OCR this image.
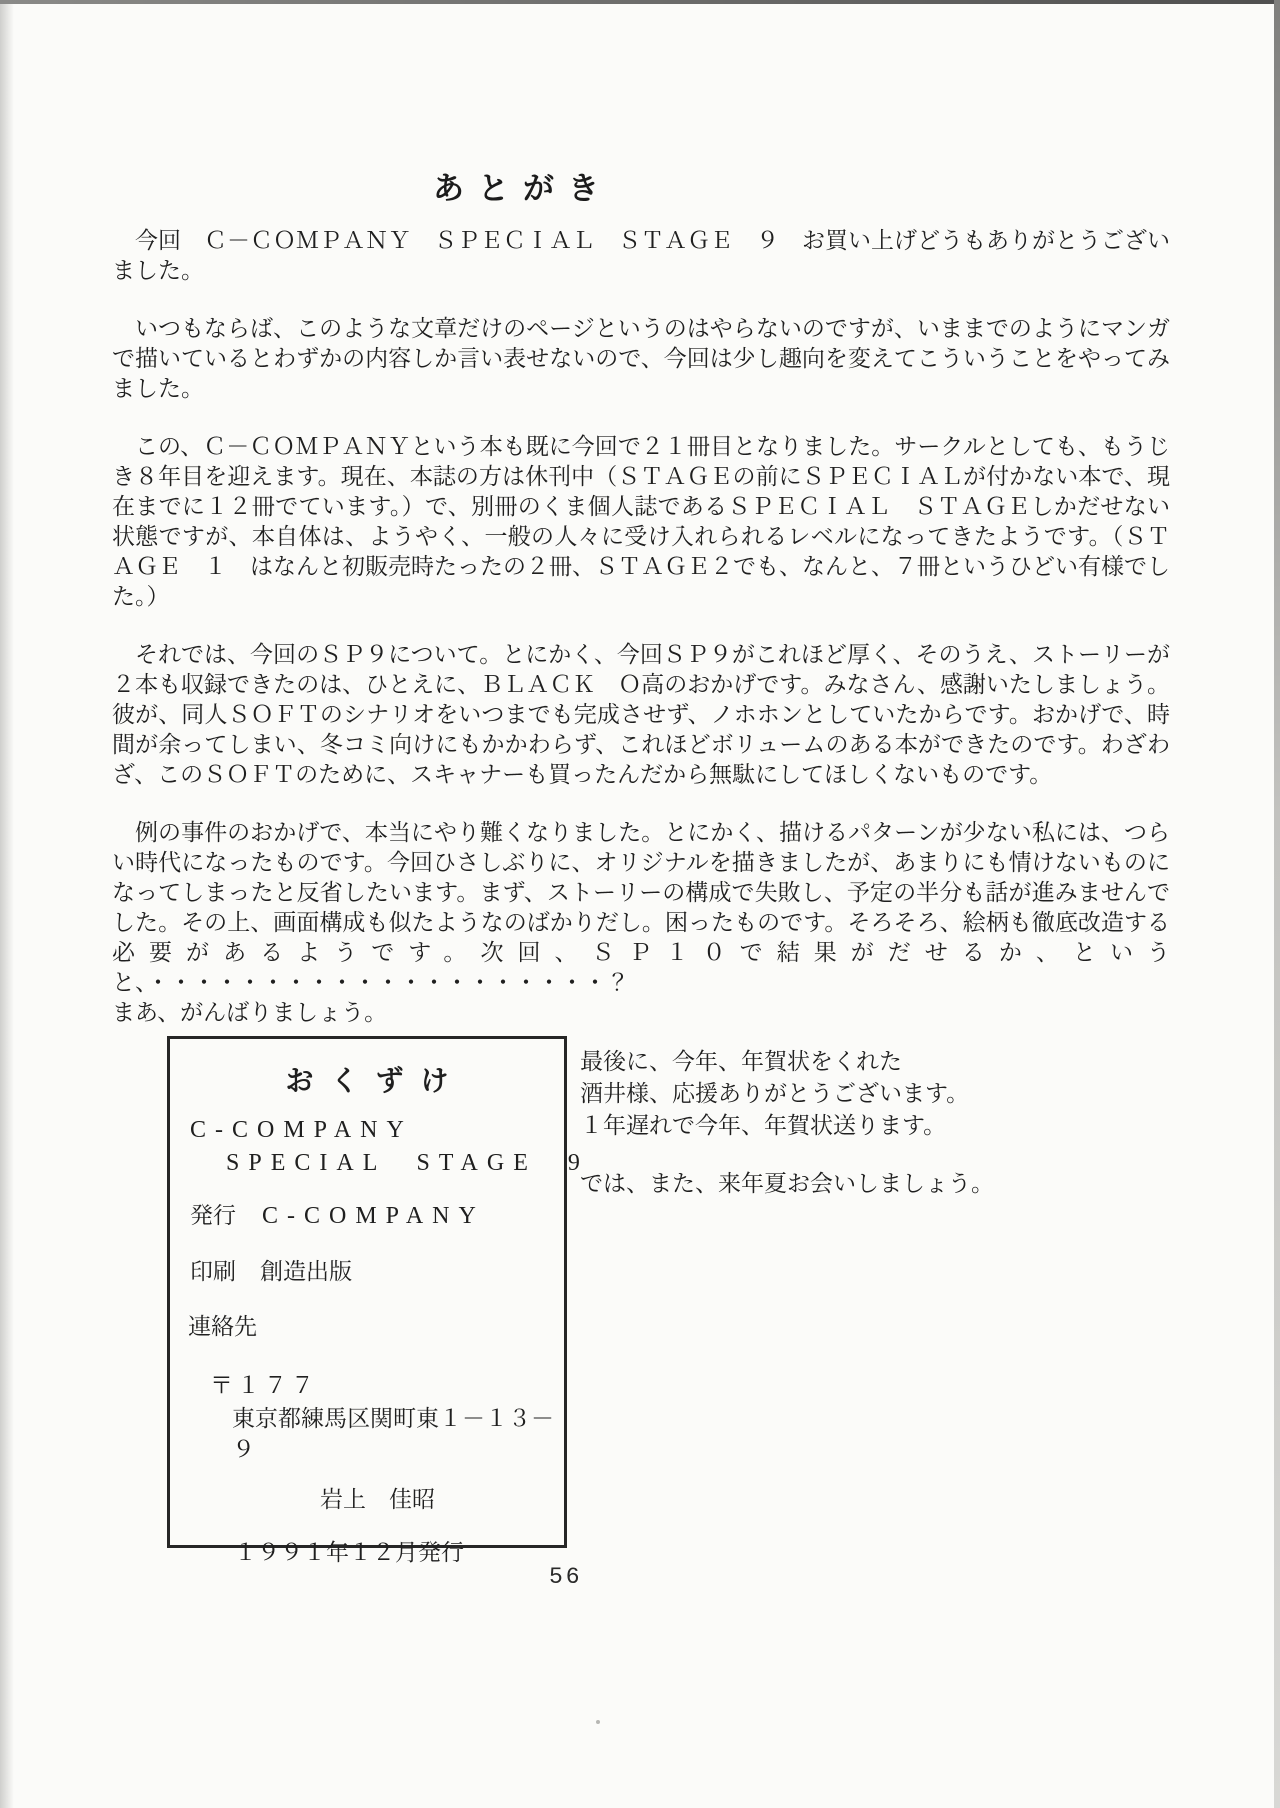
あとがき

今回　Ｃ－ＣＯＭＰＡＮＹ　ＳＰＥＣＩＡＬ　ＳＴＡＧＥ　９　お買い上げどうもありがとうございました。

いつもならば、このような文章だけのページというのはやらないのですが、いままでのようにマンガで描いているとわずかの内容しか言い表せないので、今回は少し趣向を変えてこういうことをやってみました。

この、Ｃ－ＣＯＭＰＡＮＹという本も既に今回で２１冊目となりました。サークルとしても、もうじき８年目を迎えます。現在、本誌の方は休刊中（ＳＴＡＧＥの前にＳＰＥＣＩＡＬが付かない本で、現在までに１２冊でています。）で、別冊のくま個人誌であるＳＰＥＣＩＡＬ　ＳＴＡＧＥしかだせない状態ですが、本自体は、ようやく、一般の人々に受け入れられるレベルになってきたようです。（ＳＴＡＧＥ　１　はなんと初販売時たったの２冊、ＳＴＡＧＥ２でも、なんと、７冊というひどい有様でした。）

それでは、今回のＳＰ９について。とにかく、今回ＳＰ９がこれほど厚く、そのうえ、ストーリーが２本も収録できたのは、ひとえに、ＢＬＡＣＫ　Ｏ高のおかげです。みなさん、感謝いたしましょう。彼が、同人ＳＯＦＴのシナリオをいつまでも完成させず、ノホホンとしていたからです。おかげで、時間が余ってしまい、冬コミ向けにもかかわらず、これほどボリュームのある本ができたのです。わざわざ、このＳＯＦＴのために、スキャナーも買ったんだから無駄にしてほしくないものです。

例の事件のおかげで、本当にやり難くなりました。とにかく、描けるパターンが少ない私には、つらい時代になったものです。今回ひさしぶりに、オリジナルを描きましたが、あまりにも情けないものになってしまったと反省したいます。まず、ストーリーの構成で失敗し、予定の半分も話が進みませんでした。その上、画面構成も似たようなのばかりだし。困ったものです。そろそろ、絵柄も徹底改造する必要があるようです。次回、ＳＰ１０で結果がだせるか、というと、・・・・・・・・・・・・・・・・・・・・？

まあ、がんばりましょう。

おくずけ
C-COMPANY
SPECIAL STAGE 9
発行 C-COMPANY
印刷 創造出版
連絡先
〒１７７
東京都練馬区関町東１－１３－９
岩上　佳昭
１９９１年１２月発行
最後に、今年、年賀状をくれた
酒井様、応援ありがとうございます。
１年遅れで今年、年賀状送ります。
では、また、来年夏お会いしましょう。
56
